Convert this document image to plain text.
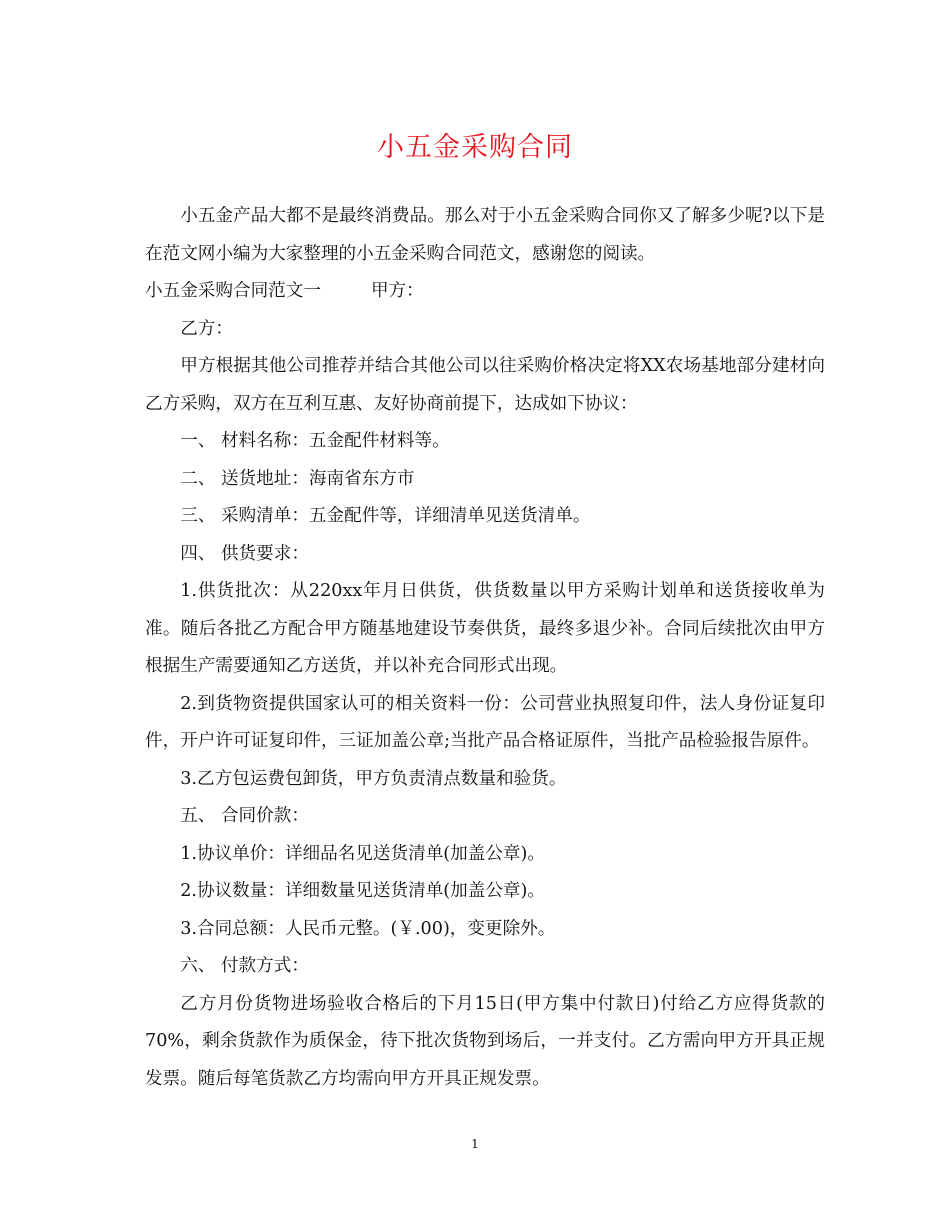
小五金采购合同

小五金产品大都不是最终消费品。那么对于小五金采购合同你又了解多少呢?以下是在范文网小编为大家整理的小五金采购合同范文，感谢您的阅读。

小五金采购合同范文一	甲方：

乙方：

甲方根据其他公司推荐并结合其他公司以往采购价格决定将XX农场基地部分建材向乙方采购，双方在互利互惠、友好协商前提下，达成如下协议：

一、 材料名称：五金配件材料等。

二、 送货地址：海南省东方市

三、 采购清单：五金配件等，详细清单见送货清单。

四、 供货要求：

1.供货批次：从220xx年月日供货，供货数量以甲方采购计划单和送货接收单为准。随后各批乙方配合甲方随基地建设节奏供货，最终多退少补。合同后续批次由甲方根据生产需要通知乙方送货，并以补充合同形式出现。

2.到货物资提供国家认可的相关资料一份：公司营业执照复印件，法人身份证复印件，开户许可证复印件，三证加盖公章;当批产品合格证原件，当批产品检验报告原件。

3.乙方包运费包卸货，甲方负责清点数量和验货。

五、 合同价款：

1.协议单价：详细品名见送货清单(加盖公章)。

2.协议数量：详细数量见送货清单(加盖公章)。

3.合同总额：人民币元整。(￥.00)，变更除外。

六、 付款方式：

乙方月份货物进场验收合格后的下月15日(甲方集中付款日)付给乙方应得货款的70%，剩余货款作为质保金，待下批次货物到场后，一并支付。乙方需向甲方开具正规发票。随后每笔货款乙方均需向甲方开具正规发票。

1
